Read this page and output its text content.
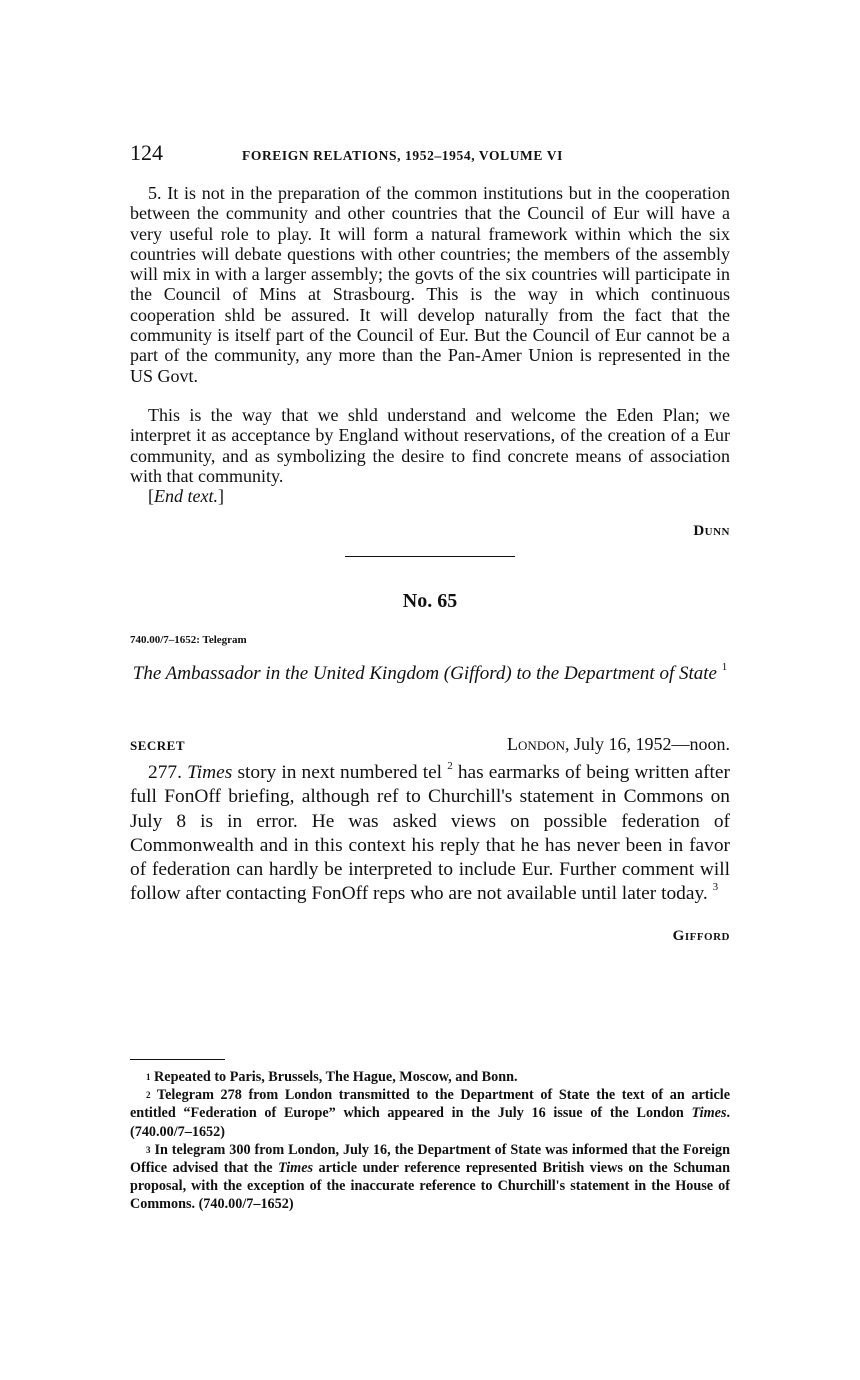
124	FOREIGN RELATIONS, 1952–1954, VOLUME VI

5. It is not in the preparation of the common institutions but in the cooperation between the community and other countries that the Council of Eur will have a very useful role to play. It will form a natural framework within which the six countries will debate questions with other countries; the members of the assembly will mix in with a larger assembly; the govts of the six countries will participate in the Council of Mins at Strasbourg. This is the way in which continuous cooperation shld be assured. It will develop naturally from the fact that the community is itself part of the Council of Eur. But the Council of Eur cannot be a part of the community, any more than the Pan-Amer Union is represented in the US Govt.

This is the way that we shld understand and welcome the Eden Plan; we interpret it as acceptance by England without reservations, of the creation of a Eur community, and as symbolizing the desire to find concrete means of association with that community.

[End text.]
Dunn
No. 65
740.00/7–1652: Telegram
The Ambassador in the United Kingdom (Gifford) to the Department of State $^1$
SECRET	London, July 16, 1952—noon.

277. Times story in next numbered tel $^2$ has earmarks of being written after full FonOff briefing, although ref to Churchill's statement in Commons on July 8 is in error. He was asked views on possible federation of Commonwealth and in this context his reply that he has never been in favor of federation can hardly be interpreted to include Eur. Further comment will follow after contacting FonOff reps who are not available until later today. $^3$

Gifford

$^1$ Repeated to Paris, Brussels, The Hague, Moscow, and Bonn.

$^2$ Telegram 278 from London transmitted to the Department of State the text of an article entitled “Federation of Europe” which appeared in the July 16 issue of the London Times. (740.00/7–1652)

$^3$ In telegram 300 from London, July 16, the Department of State was informed that the Foreign Office advised that the Times article under reference represented British views on the Schuman proposal, with the exception of the inaccurate reference to Churchill's statement in the House of Commons. (740.00/7–1652)
